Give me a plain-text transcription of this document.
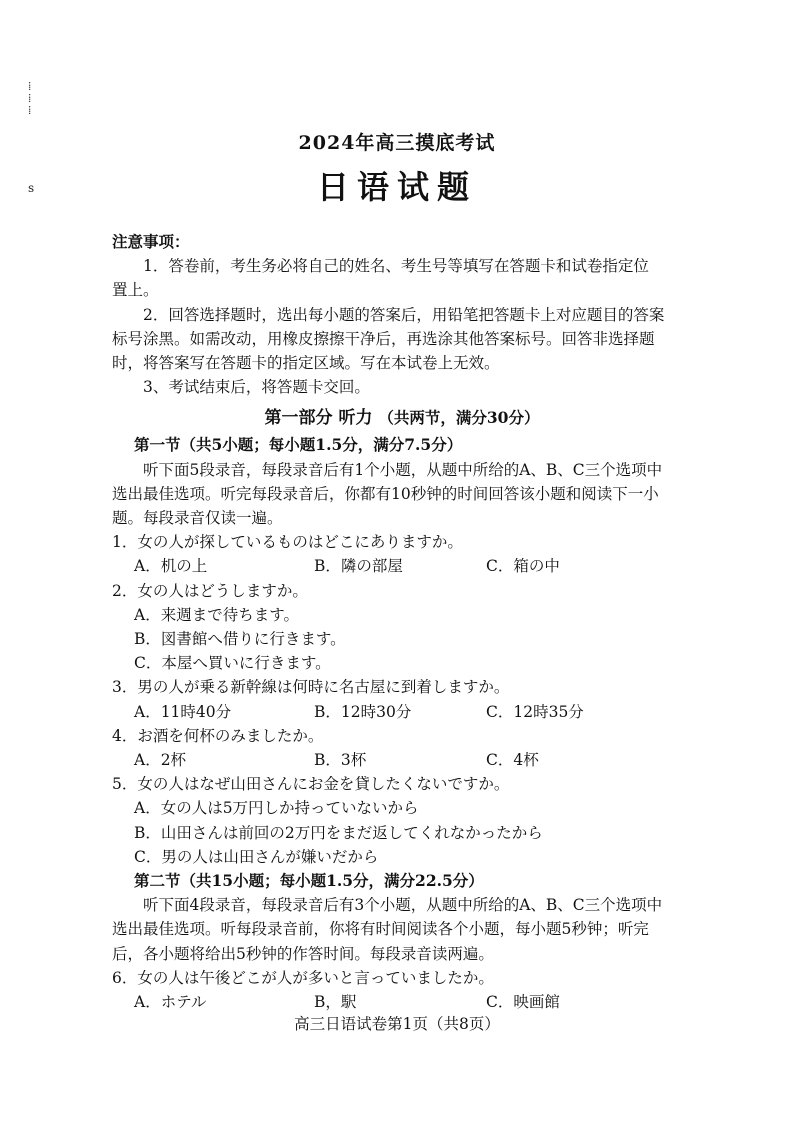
⁞
⁞
⁞
s
2024年高三摸底考试
日语试题
注意事项：
1．答卷前，考生务必将自己的姓名、考生号等填写在答题卡和试卷指定位
置上。
2．回答选择题时，选出每小题的答案后，用铅笔把答题卡上对应题目的答案
标号涂黑。如需改动，用橡皮擦擦干净后，再选涂其他答案标号。回答非选择题
时，将答案写在答题卡的指定区域。写在本试卷上无效。
3、考试结束后，将答题卡交回。
第一部分 听力 （共两节，满分30分）
第一节（共5小题；每小题1.5分，满分7.5分）
听下面5段录音，每段录音后有1个小题，从题中所给的A、B、C三个选项中
选出最佳选项。听完每段录音后，你都有10秒钟的时间回答该小题和阅读下一小
题。每段录音仅读一遍。
1．女の人が探しているものはどこにありますか。
A．机の上	B．隣の部屋	C．箱の中
2．女の人はどうしますか。
A．来週まで待ちます。
B．図書館へ借りに行きます。
C．本屋へ買いに行きます。
3．男の人が乗る新幹線は何時に名古屋に到着しますか。
A．11時40分	B．12時30分	C．12時35分
4．お酒を何杯のみましたか。
A．2杯	B．3杯	C．4杯
5．女の人はなぜ山田さんにお金を貸したくないですか。
A．女の人は5万円しか持っていないから
B．山田さんは前回の2万円をまだ返してくれなかったから
C．男の人は山田さんが嫌いだから
第二节（共15小题；每小题1.5分，满分22.5分）
听下面4段录音，每段录音后有3个小题，从题中所给的A、B、C三个选项中
选出最佳选项。听每段录音前，你将有时间阅读各个小题，每小题5秒钟；听完
后，各小题将给出5秒钟的作答时间。每段录音读两遍。
6．女の人は午後どこが人が多いと言っていましたか。
A．ホテル	B，駅	C．映画館
高三日语试卷第1页（共8页）
